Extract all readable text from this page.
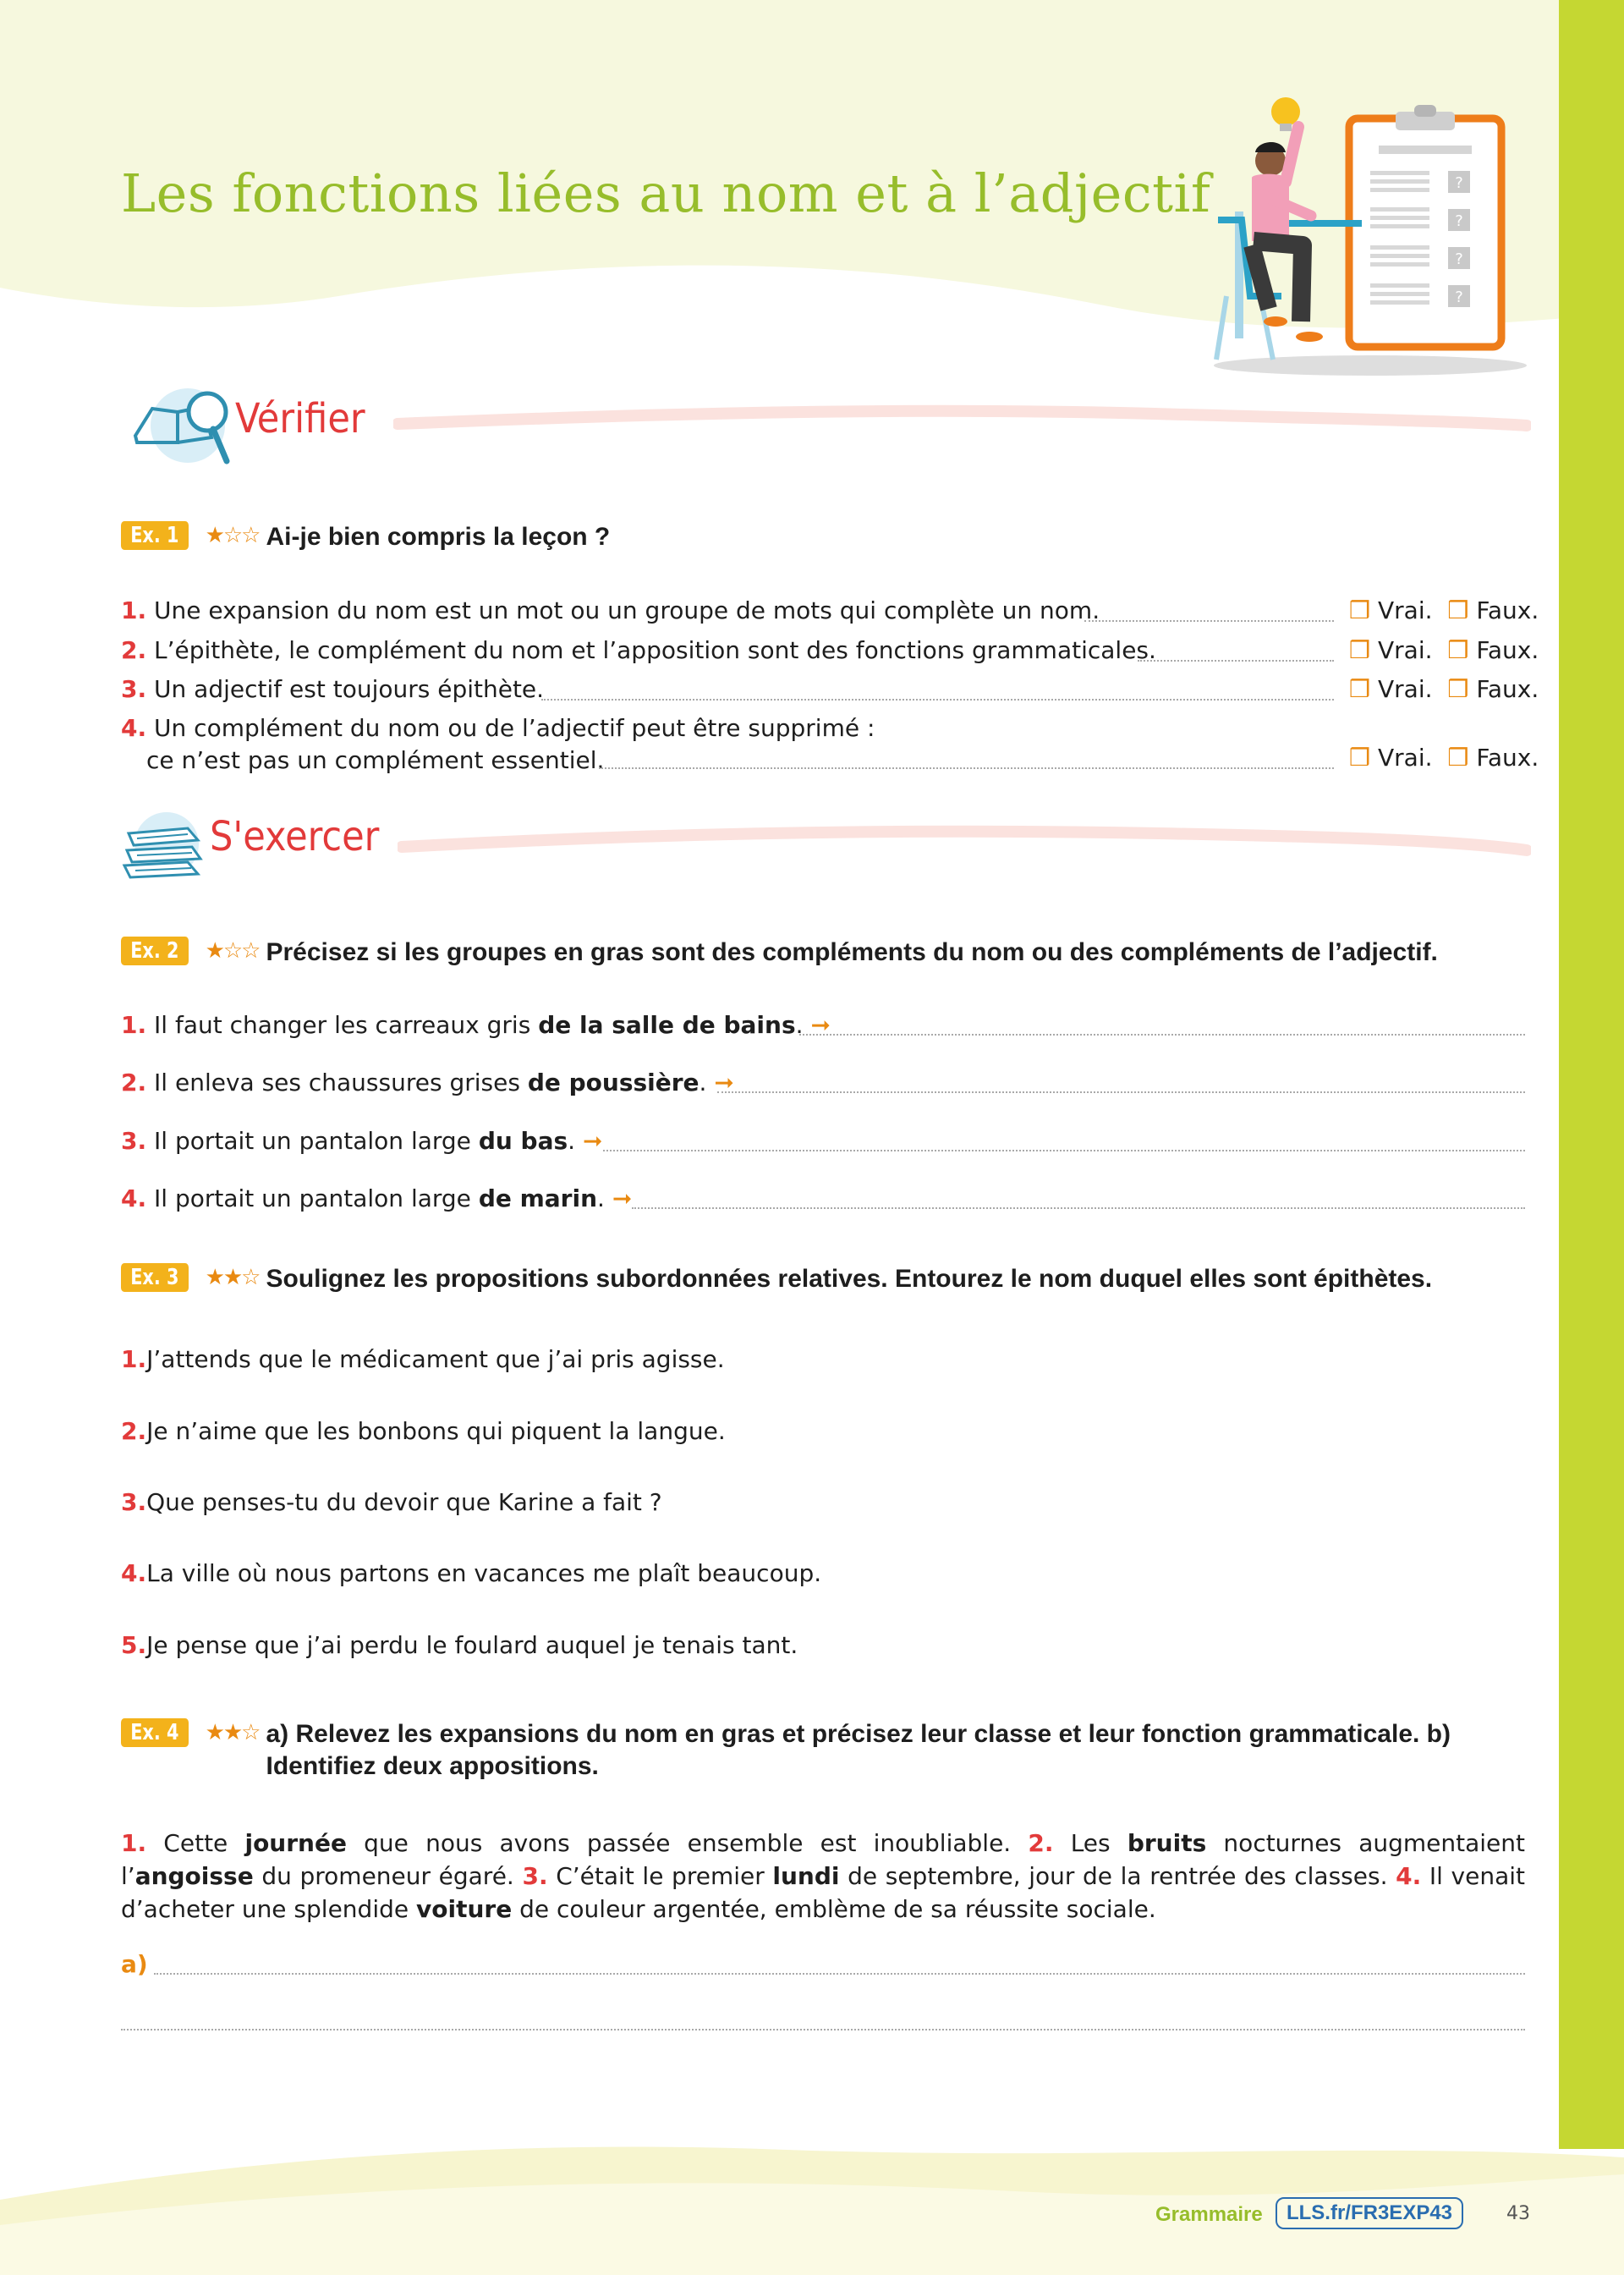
Les fonctions liées au nom et à l’adjectif	?
?
?
?
Vérifier
Ex. 1	★☆☆ Ai-je bien compris la leçon ?
1. Une expansion du nom est un mot ou un groupe de mots qui complète un nom.	❒ Vrai. ❒ Faux.
2. L’épithète, le complément du nom et l’apposition sont des fonctions grammaticales.	❒ Vrai. ❒ Faux.
3. Un adjectif est toujours épithète.	❒ Vrai. ❒ Faux.
4. Un complément du nom ou de l’adjectif peut être supprimé :
ce n’est pas un complément essentiel.	❒ Vrai. ❒ Faux.
S'exercer
Ex. 2	★☆☆ Précisez si les groupes en gras sont des compléments du nom ou des compléments de l’adjectif.
1. Il faut changer les carreaux gris de la salle de bains. ➞
2. Il enleva ses chaussures grises de poussière. ➞
3. Il portait un pantalon large du bas. ➞
4. Il portait un pantalon large de marin. ➞
Ex. 3	★★☆ Soulignez les propositions subordonnées relatives. Entourez le nom duquel elles sont épithètes.
1.J’attends que le médicament que j’ai pris agisse.
2.Je n’aime que les bonbons qui piquent la langue.
3.Que penses-tu du devoir que Karine a fait ?
4.La ville où nous partons en vacances me plaît beaucoup.
5.Je pense que j’ai perdu le foulard auquel je tenais tant.
Ex. 4	★★☆ a) Relevez les expansions du nom en gras et précisez leur classe et leur fonction grammaticale. b) Identifiez deux appositions.
1. Cette journée que nous avons passée ensemble est inoubliable. 2. Les bruits nocturnes augmentaient l’angoisse du promeneur égaré. 3. C’était le premier lundi de septembre, jour de la rentrée des classes. 4. Il venait d’acheter une splendide voiture de couleur argentée, emblème de sa réussite sociale.
a)
Grammaire	LLS.fr/FR3EXP43	43
